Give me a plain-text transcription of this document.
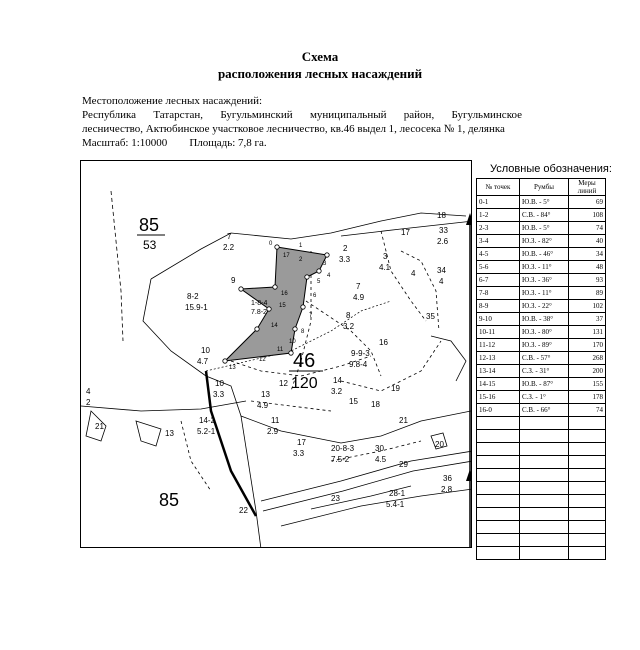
Схема
расположения лесных насаждений
Местоположение лесных насаждений:
Республика Татарстан, Бугульминский муниципальный район, Бугульминское
лесничество, Актюбинское участковое лесничество, кв.46 выдел 1, лесосека № 1, делянка
Масштаб: 1:10000 Площадь: 7,8 га.
85
53
46
120
85
7
2.2
8-2
15.9-1
9
1-8-4
7.8-2
2
3.3	3
4.1
7
4.9
8
3.2
10
4.7
9-9-3
9.8-4
10
3.3
12
13
4.9
14
3.2
11
2.9
14-2
5.2-1
17
3.3
20-8-3
7.5-2
30
4.5
4
2
33
2.6
34
4
36
2.8
28-1
5.4-1
18
17
4
35
16
15
19
18
21
20
29
23
22
13
21
1
2
3
4
5
6
7
8
10
11
12
13
14
15
16
17
0
Условные обозначения:
№ точек	Румбы	Меры линий
0-1	Ю.В. - 5°	69
1-2	С.В. - 84°	108
2-3	Ю.В. - 5°	74
3-4	Ю.З. - 82°	40
4-5	Ю.В. - 46°	34
5-6	Ю.З. - 11°	48
6-7	Ю.З. - 36°	93
7-8	Ю.З. - 11°	89
8-9	Ю.З. - 22°	102
9-10	Ю.В. - 38°	37
10-11	Ю.З. - 80°	131
11-12	Ю.З. - 89°	170
12-13	С.В. - 57°	268
13-14	С.З. - 31°	200
14-15	Ю.В. - 87°	155
15-16	С.З. - 1°	178
16-0	С.В. - 66°	74
